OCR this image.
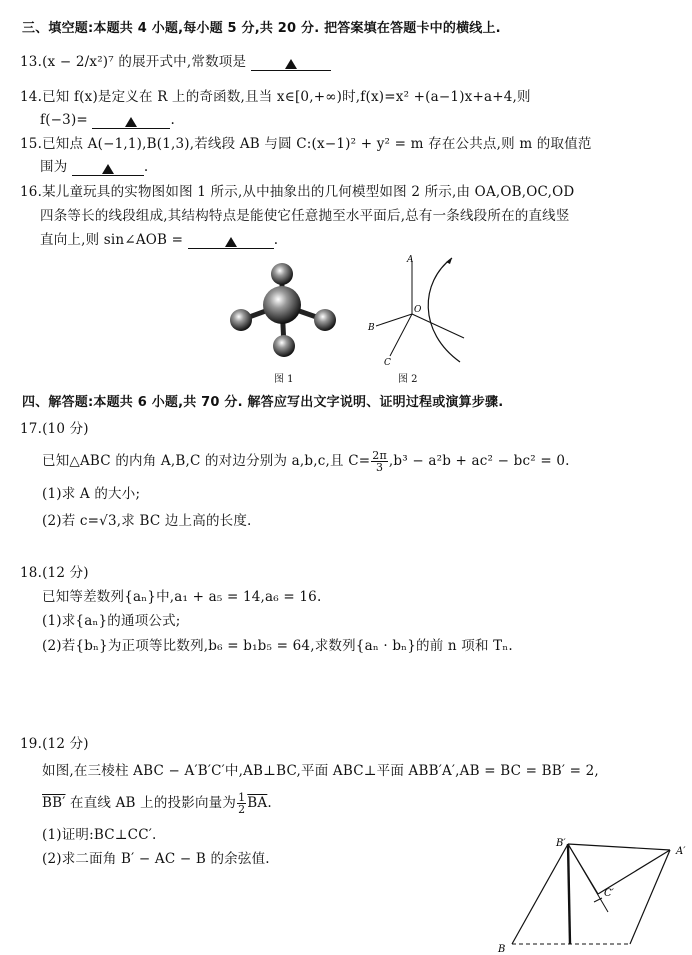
三、填空题:本题共 4 小题,每小题 5 分,共 20 分. 把答案填在答题卡中的横线上.
13.(x − 2/x²)⁷ 的展开式中,常数项是
14.已知 f(x)是定义在 R 上的奇函数,且当 x∈[0,+∞)时,f(x)=x² +(a−1)x+a+4,则
f(−3)=	.
15.已知点 A(−1,1),B(1,3),若线段 AB 与圆 C:(x−1)² + y² = m 存在公共点,则 m 的取值范
围为	.
16.某儿童玩具的实物图如图 1 所示,从中抽象出的几何模型如图 2 所示,由 OA,OB,OC,OD
四条等长的线段组成,其结构特点是能使它任意抛至水平面后,总有一条线段所在的直线竖
直向上,则 sin∠AOB =	.
图 1
A
B
C
O
图 2
四、解答题:本题共 6 小题,共 70 分. 解答应写出文字说明、证明过程或演算步骤.
17.(10 分)
已知△ABC 的内角 A,B,C 的对边分别为 a,b,c,且 $C= \frac{2\pi}{3} ,b^3 - a^2b + ac^2 - bc^2 = 0$.
(1)求 A 的大小;
(2)若 c=√3,求 BC 边上高的长度.
18.(12 分)
已知等差数列{aₙ}中,a₁ + a₅ = 14,a₆ = 16.
(1)求{aₙ}的通项公式;
(2)若{bₙ}为正项等比数列,b₆ = b₁b₅ = 64,求数列{aₙ · bₙ}的前 n 项和 Tₙ.
19.(12 分)
如图,在三棱柱 ABC − A′B′C′中,AB⊥BC,平面 ABC⊥平面 ABB′A′,AB = BC = BB′ = 2,
BB′ 在直线 AB 上的投影向量为 $\frac{1}{2} \overline{BA}$.
(1)证明:BC⊥CC′.
(2)求二面角 B′ − AC − B 的余弦值.
B′
A′
C′
B
